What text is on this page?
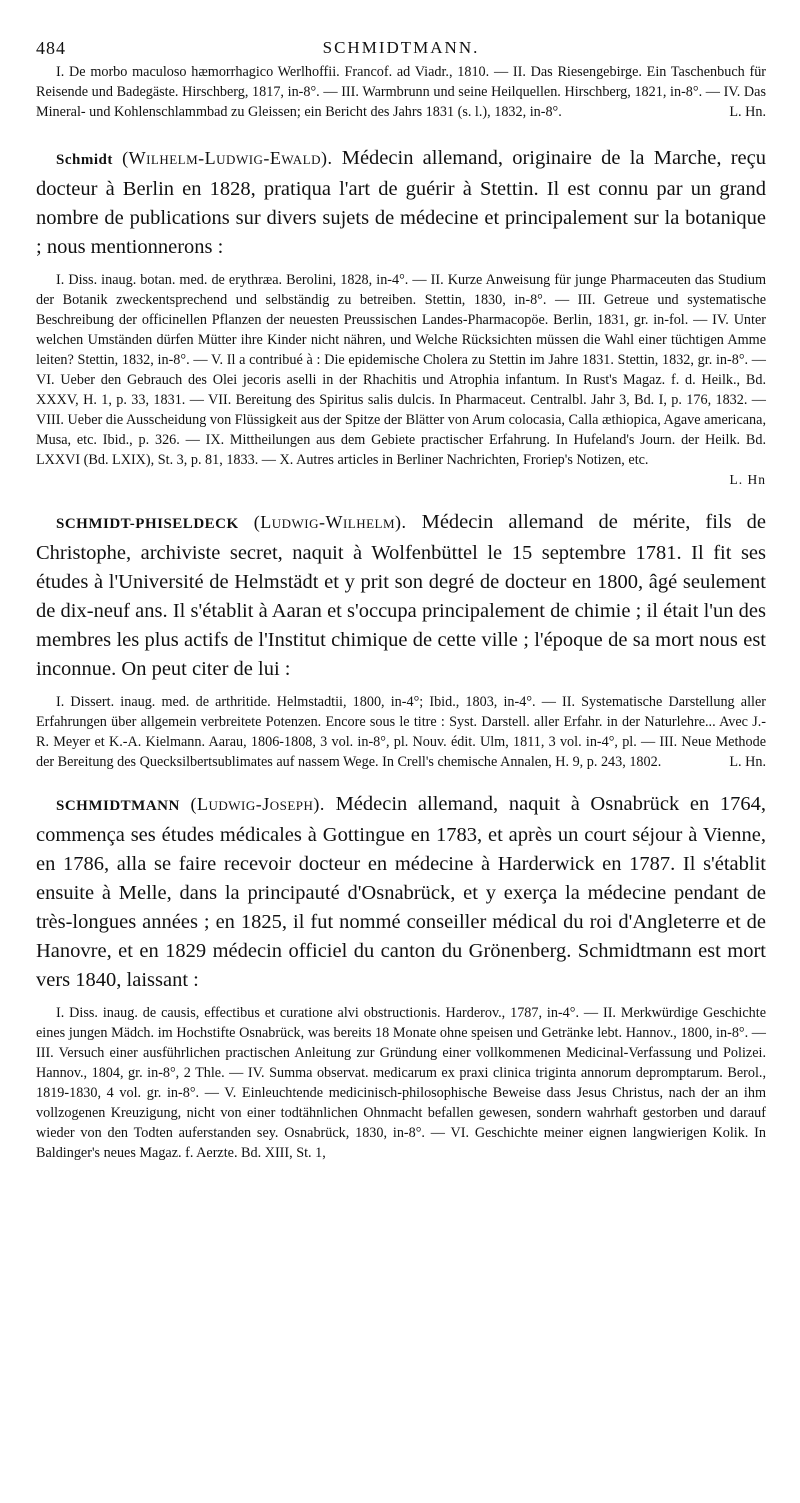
484	SCHMIDTMANN.
I. De morbo maculoso hæmorrhagico Werlhoffii. Francof. ad Viadr., 1810. — II. Das Riesengebirge. Ein Taschenbuch für Reisende und Badegäste. Hirschberg, 1817, in-8°. — III. Warmbrunn und seine Heilquellen. Hirschberg, 1821, in-8°. — IV. Das Mineral- und Kohlenschlammbad zu Gleissen; ein Bericht des Jahrs 1831 (s. l.), 1832, in-8°.	L. Hn.

Schmidt (Wilhelm-Ludwig-Ewald). Médecin allemand, originaire de la Marche, reçu docteur à Berlin en 1828, pratiqua l'art de guérir à Stettin. Il est connu par un grand nombre de publications sur divers sujets de médecine et principalement sur la botanique ; nous mentionnerons :

I. Diss. inaug. botan. med. de erythræa. Berolini, 1828, in-4°. — II. Kurze Anweisung für junge Pharmaceuten das Studium der Botanik zweckentsprechend und selbständig zu betreiben. Stettin, 1830, in-8°. — III. Getreue und systematische Beschreibung der officinellen Pflanzen der neuesten Preussischen Landes-Pharmacopöe. Berlin, 1831, gr. in-fol. — IV. Unter welchen Umständen dürfen Mütter ihre Kinder nicht nähren, und Welche Rücksichten müssen die Wahl einer tüchtigen Amme leiten? Stettin, 1832, in-8°. — V. Il a contribué à : Die epidemische Cholera zu Stettin im Jahre 1831. Stettin, 1832, gr. in-8°. — VI. Ueber den Gebrauch des Olei jecoris aselli in der Rhachitis und Atrophia infantum. In Rust's Magaz. f. d. Heilk., Bd. XXXV, H. 1, p. 33, 1831. — VII. Bereitung des Spiritus salis dulcis. In Pharmaceut. Centralbl. Jahr 3, Bd. I, p. 176, 1832. — VIII. Ueber die Ausscheidung von Flüssigkeit aus der Spitze der Blätter von Arum colocasia, Calla æthiopica, Agave americana, Musa, etc. Ibid., p. 326. — IX. Mittheilungen aus dem Gebiete practischer Erfahrung. In Hufeland's Journ. der Heilk. Bd. LXXVI (Bd. LXIX), St. 3, p. 81, 1833. — X. Autres articles in Berliner Nachrichten, Froriep's Notizen, etc.

L. Hn

SCHMIDT-PHISELDECK (Ludwig-Wilhelm). Médecin allemand de mérite, fils de Christophe, archiviste secret, naquit à Wolfenbüttel le 15 septembre 1781. Il fit ses études à l'Université de Helmstädt et y prit son degré de docteur en 1800, âgé seulement de dix-neuf ans. Il s'établit à Aaran et s'occupa principalement de chimie ; il était l'un des membres les plus actifs de l'Institut chimique de cette ville ; l'époque de sa mort nous est inconnue. On peut citer de lui :

I. Dissert. inaug. med. de arthritide. Helmstadtii, 1800, in-4°; Ibid., 1803, in-4°. — II. Systematische Darstellung aller Erfahrungen über allgemein verbreitete Potenzen. Encore sous le titre : Syst. Darstell. aller Erfahr. in der Naturlehre... Avec J.-R. Meyer et K.-A. Kielmann. Aarau, 1806-1808, 3 vol. in-8°, pl. Nouv. édit. Ulm, 1811, 3 vol. in-4°, pl. — III. Neue Methode der Bereitung des Quecksilbertsublimates auf nassem Wege. In Crell's chemische Annalen, H. 9, p. 243, 1802.	L. Hn.

SCHMIDTMANN (Ludwig-Joseph). Médecin allemand, naquit à Osnabrück en 1764, commença ses études médicales à Gottingue en 1783, et après un court séjour à Vienne, en 1786, alla se faire recevoir docteur en médecine à Harderwick en 1787. Il s'établit ensuite à Melle, dans la principauté d'Osnabrück, et y exerça la médecine pendant de très-longues années ; en 1825, il fut nommé conseiller médical du roi d'Angleterre et de Hanovre, et en 1829 médecin officiel du canton du Grönenberg. Schmidtmann est mort vers 1840, laissant :

I. Diss. inaug. de causis, effectibus et curatione alvi obstructionis. Harderov., 1787, in-4°. — II. Merkwürdige Geschichte eines jungen Mädch. im Hochstifte Osnabrück, was bereits 18 Monate ohne speisen und Getränke lebt. Hannov., 1800, in-8°. — III. Versuch einer ausführlichen practischen Anleitung zur Gründung einer vollkommenen Medicinal-Verfassung und Polizei. Hannov., 1804, gr. in-8°, 2 Thle. — IV. Summa observat. medicarum ex praxi clinica triginta annorum depromptarum. Berol., 1819-1830, 4 vol. gr. in-8°. — V. Einleuchtende medicinisch-philosophische Beweise dass Jesus Christus, nach der an ihm vollzogenen Kreuzigung, nicht von einer todtähnlichen Ohnmacht befallen gewesen, sondern wahrhaft gestorben und darauf wieder von den Todten auferstanden sey. Osnabrück, 1830, in-8°. — VI. Geschichte meiner eignen langwierigen Kolik. In Baldinger's neues Magaz. f. Aerzte. Bd. XIII, St. 1,
